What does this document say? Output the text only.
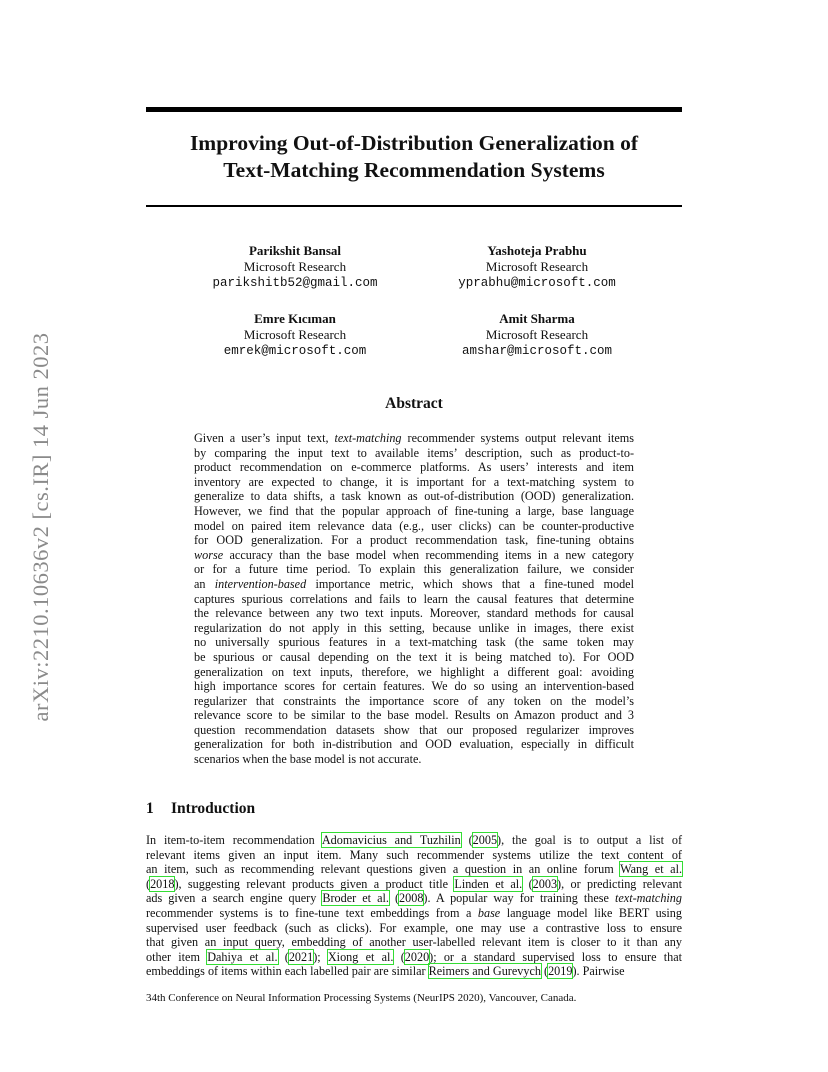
arXiv:2210.10636v2 [cs.IR] 14 Jun 2023
Improving Out-of-Distribution Generalization of
Text-Matching Recommendation Systems
Parikshit Bansal
Microsoft Research
parikshitb52@gmail.com
Yashoteja Prabhu
Microsoft Research
yprabhu@microsoft.com
Emre Kıcıman
Microsoft Research
emrek@microsoft.com
Amit Sharma
Microsoft Research
amshar@microsoft.com
Abstract
Given a user’s input text, text-matching recommender systems output relevant items
by comparing the input text to available items’ description, such as product-to-
product recommendation on e-commerce platforms. As users’ interests and item
inventory are expected to change, it is important for a text-matching system to
generalize to data shifts, a task known as out-of-distribution (OOD) generalization.
However, we find that the popular approach of fine-tuning a large, base language
model on paired item relevance data (e.g., user clicks) can be counter-productive
for OOD generalization. For a product recommendation task, fine-tuning obtains
worse accuracy than the base model when recommending items in a new category
or for a future time period. To explain this generalization failure, we consider
an intervention-based importance metric, which shows that a fine-tuned model
captures spurious correlations and fails to learn the causal features that determine
the relevance between any two text inputs. Moreover, standard methods for causal
regularization do not apply in this setting, because unlike in images, there exist
no universally spurious features in a text-matching task (the same token may
be spurious or causal depending on the text it is being matched to). For OOD
generalization on text inputs, therefore, we highlight a different goal: avoiding
high importance scores for certain features. We do so using an intervention-based
regularizer that constraints the importance score of any token on the model’s
relevance score to be similar to the base model. Results on Amazon product and 3
question recommendation datasets show that our proposed regularizer improves
generalization for both in-distribution and OOD evaluation, especially in difficult
scenarios when the base model is not accurate.
1 Introduction
In item-to-item recommendation Adomavicius and Tuzhilin (2005), the goal is to output a list of
relevant items given an input item. Many such recommender systems utilize the text content of
an item, such as recommending relevant questions given a question in an online forum Wang et al.
(2018), suggesting relevant products given a product title Linden et al. (2003), or predicting relevant
ads given a search engine query Broder et al. (2008). A popular way for training these text-matching
recommender systems is to fine-tune text embeddings from a base language model like BERT using
supervised user feedback (such as clicks). For example, one may use a contrastive loss to ensure
that given an input query, embedding of another user-labelled relevant item is closer to it than any
other item Dahiya et al. (2021); Xiong et al. (2020); or a standard supervised loss to ensure that
embeddings of items within each labelled pair are similar Reimers and Gurevych (2019). Pairwise
34th Conference on Neural Information Processing Systems (NeurIPS 2020), Vancouver, Canada.
